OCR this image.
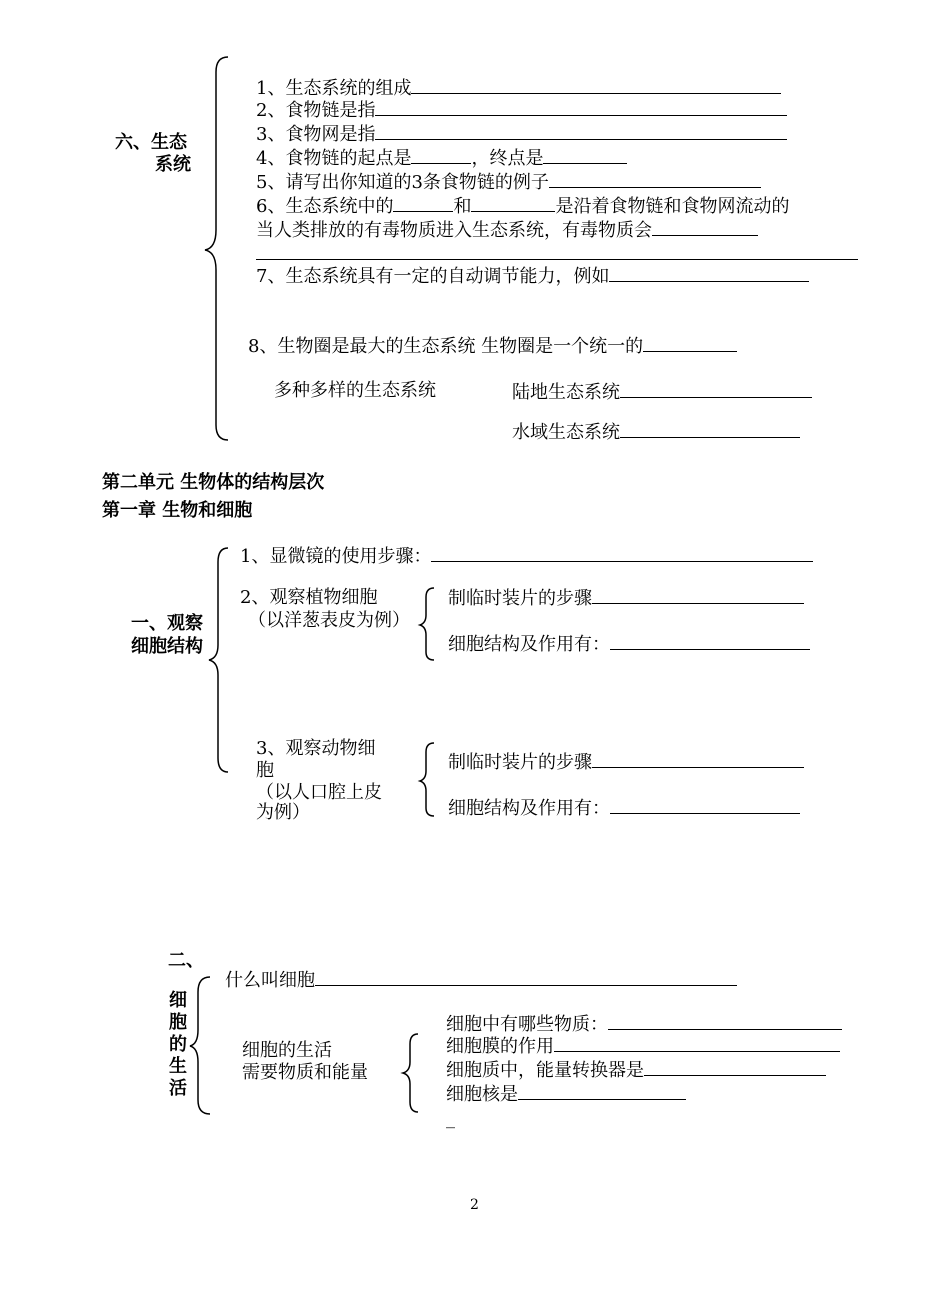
六、生态
系统
1、生态系统的组成
2、食物链是指
3、食物网是指
4、食物链的起点是	，终点是
5、请写出你知道的3条食物链的例子
6、生态系统中的	和	是沿着食物链和食物网流动的
当人类排放的有毒物质进入生态系统，有毒物质会
7、生态系统具有一定的自动调节能力，例如
8、生物圈是最大的生态系统 生物圈是一个统一的
多种多样的生态系统	陆地生态系统
水域生态系统
第二单元 生物体的结构层次
第一章 生物和细胞
一、观察
细胞结构
1、显微镜的使用步骤：
2、观察植物细胞
（以洋葱表皮为例）
制临时装片的步骤
细胞结构及作用有：
3、观察动物细
胞
（以人口腔上皮
为例）
制临时装片的步骤
细胞结构及作用有：
二、
细
胞
的
生
活
什么叫细胞
细胞的生活
需要物质和能量
细胞中有哪些物质：
细胞膜的作用
细胞质中，能量转换器是
细胞核是
_
2
